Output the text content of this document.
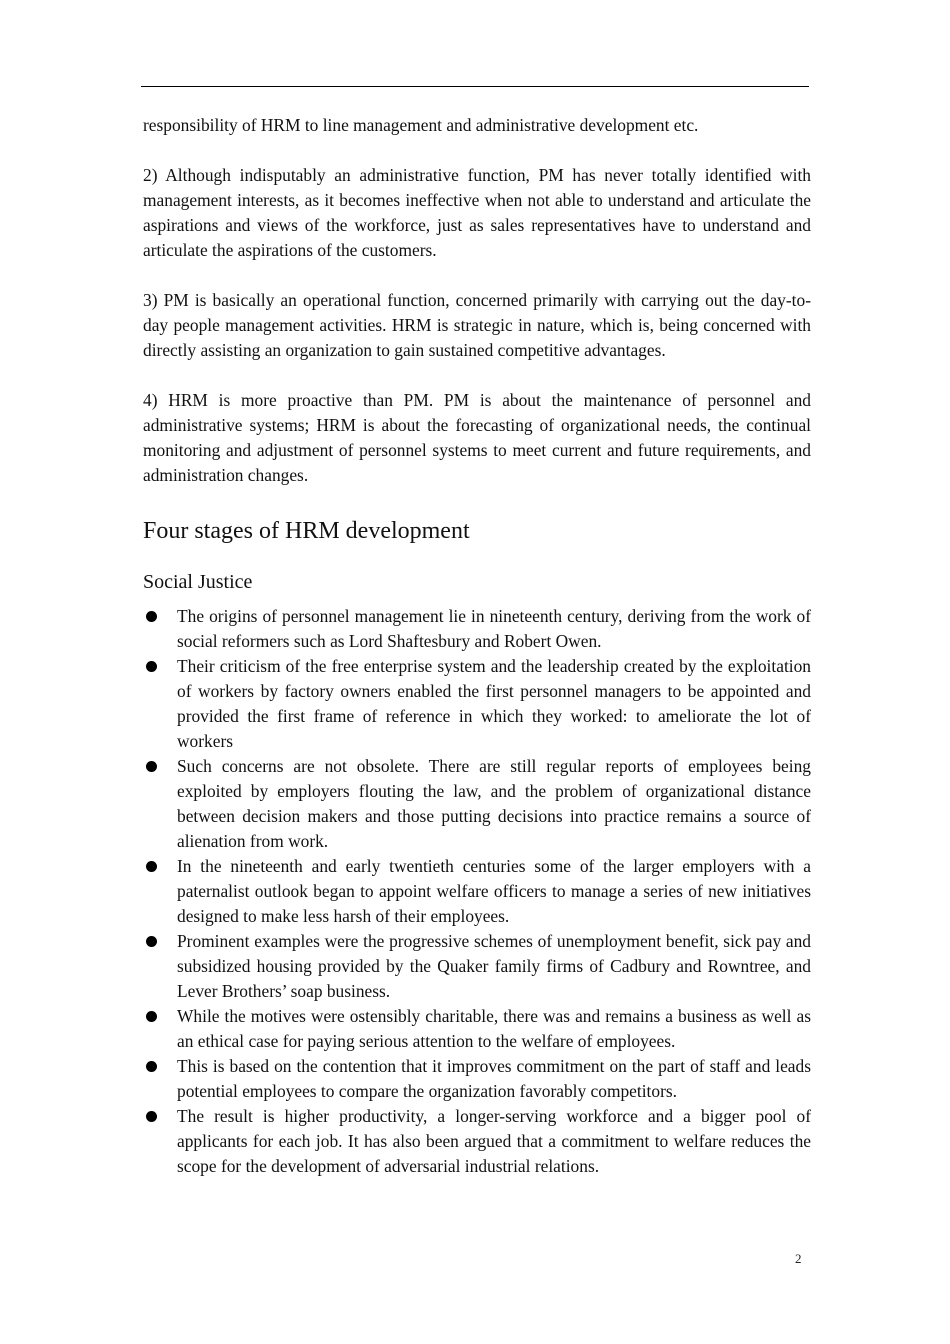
responsibility of HRM to line management and administrative development etc.

2) Although indisputably an administrative function, PM has never totally identified with management interests, as it becomes ineffective when not able to understand and articulate the aspirations and views of the workforce, just as sales representatives have to understand and articulate the aspirations of the customers.

3) PM is basically an operational function, concerned primarily with carrying out the day-to-day people management activities. HRM is strategic in nature, which is, being concerned with directly assisting an organization to gain sustained competitive advantages.

4) HRM is more proactive than PM. PM is about the maintenance of personnel and administrative systems; HRM is about the forecasting of organizational needs, the continual monitoring and adjustment of personnel systems to meet current and future requirements, and administration changes.

Four stages of HRM development
Social Justice
The origins of personnel management lie in nineteenth century, deriving from the work of social reformers such as Lord Shaftesbury and Robert Owen.
Their criticism of the free enterprise system and the leadership created by the exploitation of workers by factory owners enabled the first personnel managers to be appointed and provided the first frame of reference in which they worked: to ameliorate the lot of workers
Such concerns are not obsolete. There are still regular reports of employees being exploited by employers flouting the law, and the problem of organizational distance between decision makers and those putting decisions into practice remains a source of alienation from work.
In the nineteenth and early twentieth centuries some of the larger employers with a paternalist outlook began to appoint welfare officers to manage a series of new initiatives designed to make less harsh of their employees.
Prominent examples were the progressive schemes of unemployment benefit, sick pay and subsidized housing provided by the Quaker family firms of Cadbury and Rowntree, and Lever Brothers’ soap business.
While the motives were ostensibly charitable, there was and remains a business as well as an ethical case for paying serious attention to the welfare of employees.
This is based on the contention that it improves commitment on the part of staff and leads potential employees to compare the organization favorably competitors.
The result is higher productivity, a longer-serving workforce and a bigger pool of applicants for each job. It has also been argued that a commitment to welfare reduces the scope for the development of adversarial industrial relations.
2
